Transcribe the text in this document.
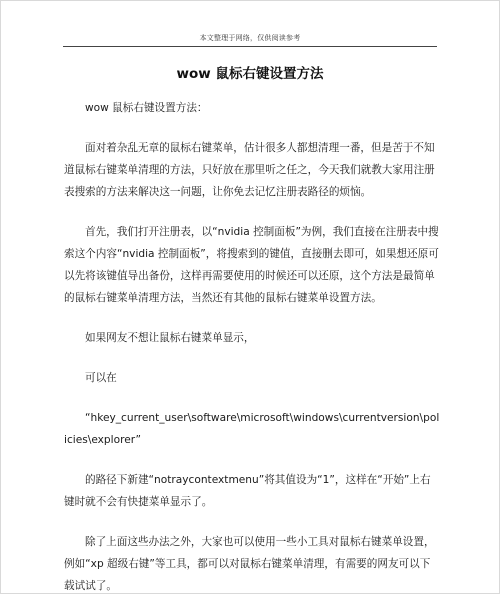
本文整理于网络，仅供阅读参考
wow 鼠标右键设置方法

wow 鼠标右键设置方法：

面对着杂乱无章的鼠标右键菜单，估计很多人都想清理一番，但是苦于不知道鼠标右键菜单清理的方法，只好放在那里听之任之，今天我们就教大家用注册表搜索的方法来解决这一问题，让你免去记忆注册表路径的烦恼。

首先，我们打开注册表，以“nvidia 控制面板”为例，我们直接在注册表中搜索这个内容“nvidia 控制面板”，将搜索到的键值，直接删去即可，如果想还原可以先将该键值导出备份，这样再需要使用的时候还可以还原，这个方法是最简单的鼠标右键菜单清理方法，当然还有其他的鼠标右键菜单设置方法。

如果网友不想让鼠标右键菜单显示，

可以在

“hkey_current_user\software\microsoft\windows\currentversion\policies\explorer”

的路径下新建“notraycontextmenu”将其值设为“1”，这样在“开始”上右键时就不会有快捷菜单显示了。

除了上面这些办法之外，大家也可以使用一些小工具对鼠标右键菜单设置，例如“xp 超级右键”等工具，都可以对鼠标右键菜单清理，有需要的网友可以下载试试了。
